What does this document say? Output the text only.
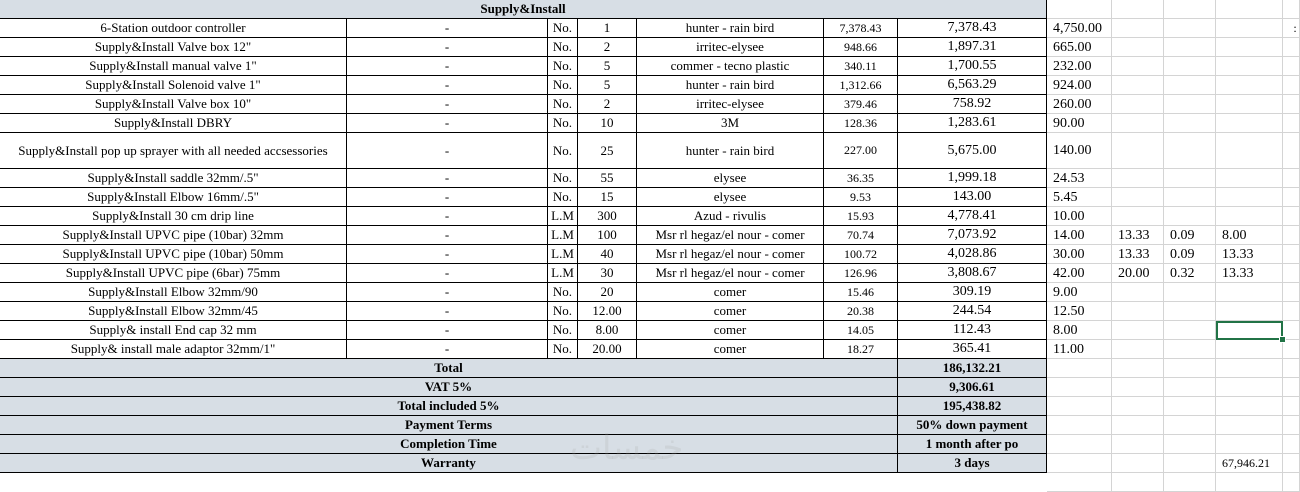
Supply&Install
6-Station outdoor controller	-	No.	1	hunter - rain bird	7,378.43	7,378.43	4,750.00
Supply&Install Valve box 12"	-	No.	2	irritec-elysee	948.66	1,897.31	665.00
Supply&Install manual valve 1"	-	No.	5	commer - tecno plastic	340.11	1,700.55	232.00
Supply&Install Solenoid valve 1"	-	No.	5	hunter - rain bird	1,312.66	6,563.29	924.00
Supply&Install Valve box 10"	-	No.	2	irritec-elysee	379.46	758.92	260.00
Supply&Install DBRY	-	No.	10	3M	128.36	1,283.61	90.00
Supply&Install pop up sprayer with all needed accsessories	-	No.	25	hunter - rain bird	227.00	5,675.00	140.00
Supply&Install saddle 32mm/.5"	-	No.	55	elysee	36.35	1,999.18	24.53
Supply&Install Elbow 16mm/.5"	-	No.	15	elysee	9.53	143.00	5.45
Supply&Install 30 cm drip line	-	L.M	300	Azud - rivulis	15.93	4,778.41	10.00
Supply&Install UPVC pipe (10bar) 32mm	-	L.M	100	Msr rl hegaz/el nour - comer	70.74	7,073.92	14.00	13.33	0.09	8.00
Supply&Install UPVC pipe (10bar) 50mm	-	L.M	40	Msr rl hegaz/el nour - comer	100.72	4,028.86	30.00	13.33	0.09	13.33
Supply&Install UPVC pipe (6bar) 75mm	-	L.M	30	Msr rl hegaz/el nour - comer	126.96	3,808.67	42.00	20.00	0.32	13.33
Supply&Install Elbow 32mm/90	-	No.	20	comer	15.46	309.19	9.00
Supply&Install Elbow 32mm/45	-	No.	12.00	comer	20.38	244.54	12.50
Supply& install End cap 32 mm	-	No.	8.00	comer	14.05	112.43	8.00
Supply& install male adaptor 32mm/1"	-	No.	20.00	comer	18.27	365.41	11.00
Total	186,132.21
VAT 5%	9,306.61
Total included 5%	195,438.82
Payment Terms	50% down payment
Completion Time	1 month after po
Warranty	3 days	67,946.21
:
